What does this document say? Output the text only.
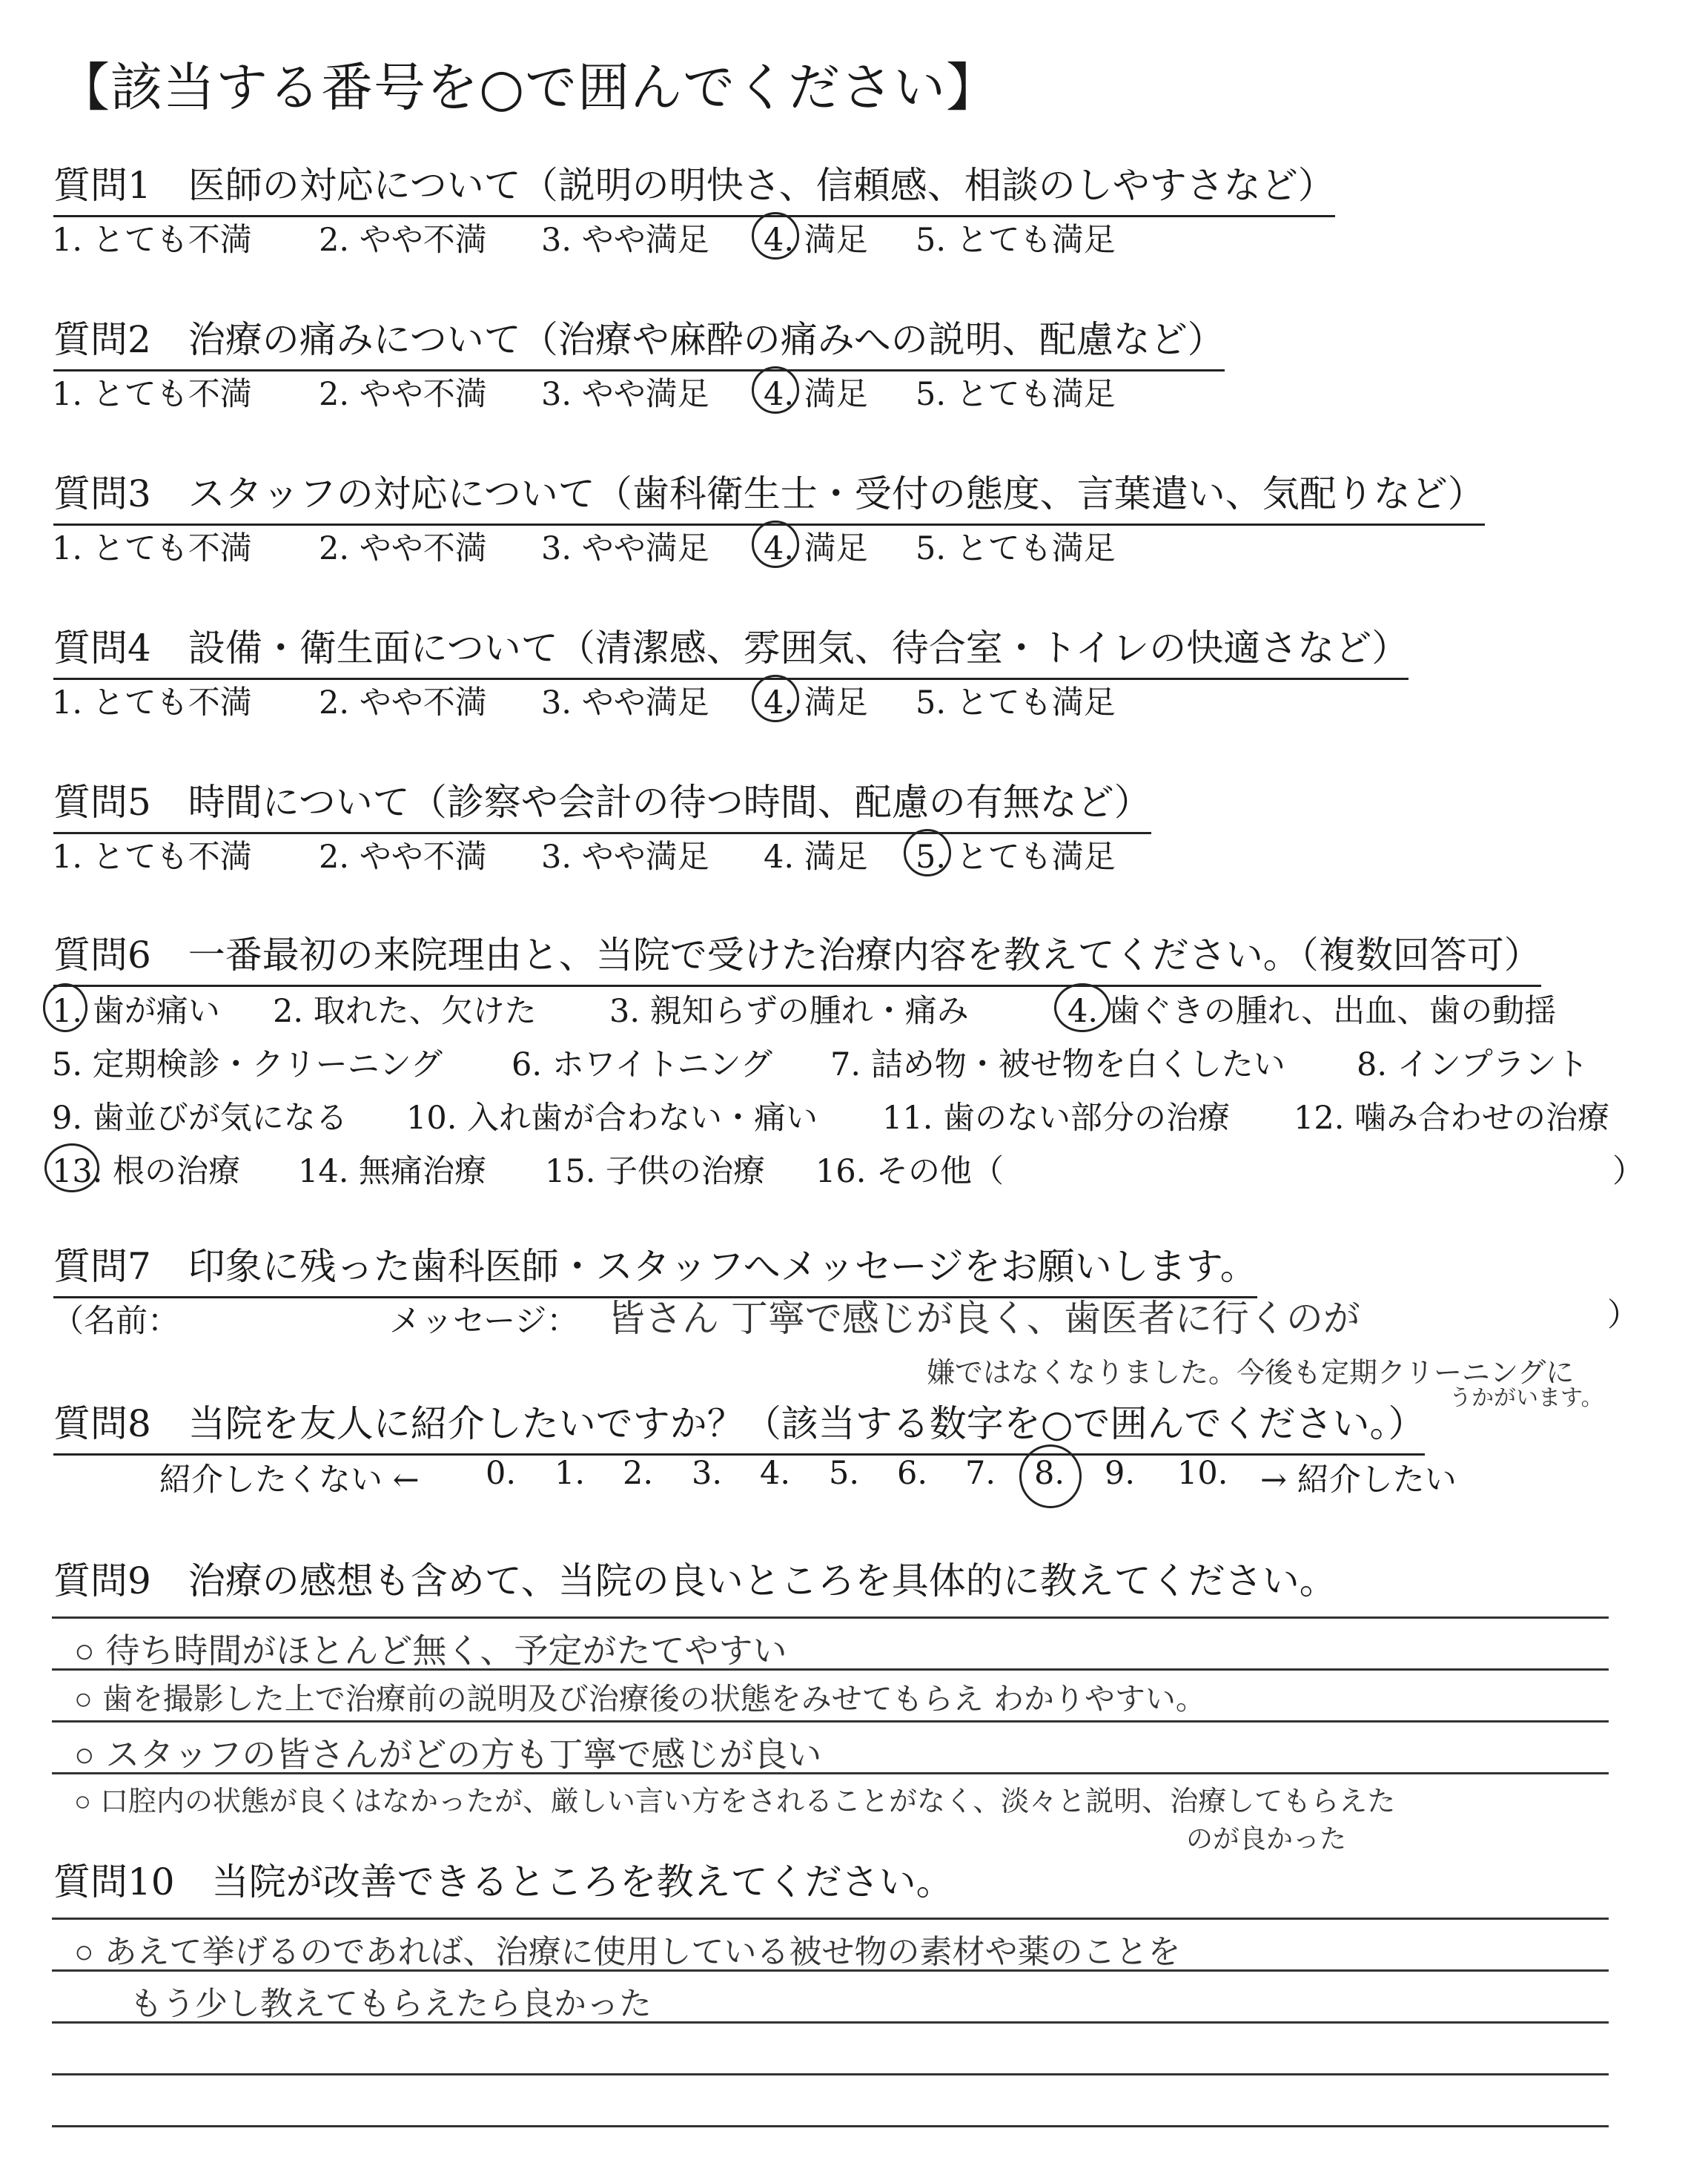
【該当する番号を○で囲んでください】
質問1　医師の対応について（説明の明快さ、信頼感、相談のしやすさなど）
1. とても不満 2. やや不満 3. やや満足 4. 満足 5. とても満足
質問2　治療の痛みについて（治療や麻酔の痛みへの説明、配慮など）
1. とても不満 2. やや不満 3. やや満足 4. 満足 5. とても満足
質問3　スタッフの対応について（歯科衛生士・受付の態度、言葉遣い、気配りなど）
1. とても不満 2. やや不満 3. やや満足 4. 満足 5. とても満足
質問4　設備・衛生面について（清潔感、雰囲気、待合室・トイレの快適さなど）
1. とても不満 2. やや不満 3. やや満足 4. 満足 5. とても満足
質問5　時間について（診察や会計の待つ時間、配慮の有無など）
1. とても不満 2. やや不満 3. やや満足 4. 満足 5. とても満足
質問6　一番最初の来院理由と、当院で受けた治療内容を教えてください。（複数回答可）
1. 歯が痛い 2. 取れた、欠けた 3. 親知らずの腫れ・痛み	4. 歯ぐきの腫れ、出血、歯の動揺
5. 定期検診・クリーニング 6. ホワイトニング 7. 詰め物・被せ物を白くしたい 8. インプラント
9. 歯並びが気になる 10. 入れ歯が合わない・痛い 11. 歯のない部分の治療 12. 噛み合わせの治療
13. 根の治療 14. 無痛治療 15. 子供の治療 16. その他（	）
質問7　印象に残った歯科医師・スタッフへメッセージをお願いします。
（名前：	メッセージ：	）
皆さん 丁寧で感じが良く、歯医者に行くのが
嫌ではなくなりました。今後も定期クリーニングに
うかがいます。
質問8　当院を友人に紹介したいですか？（該当する数字を○で囲んでください。）
紹介したくない ← 0. 1. 2. 3. 4. 5. 6. 7. 8. 9. 10. → 紹介したい
質問9　治療の感想も含めて、当院の良いところを具体的に教えてください。
○ 待ち時間がほとんど無く、予定がたてやすい
○ 歯を撮影した上で治療前の説明及び治療後の状態をみせてもらえ わかりやすい。
○ スタッフの皆さんがどの方も丁寧で感じが良い
○ 口腔内の状態が良くはなかったが、厳しい言い方をされることがなく、淡々と説明、治療してもらえた
のが良かった
質問10　当院が改善できるところを教えてください。
○ あえて挙げるのであれば、治療に使用している被せ物の素材や薬のことを
もう少し教えてもらえたら良かった
